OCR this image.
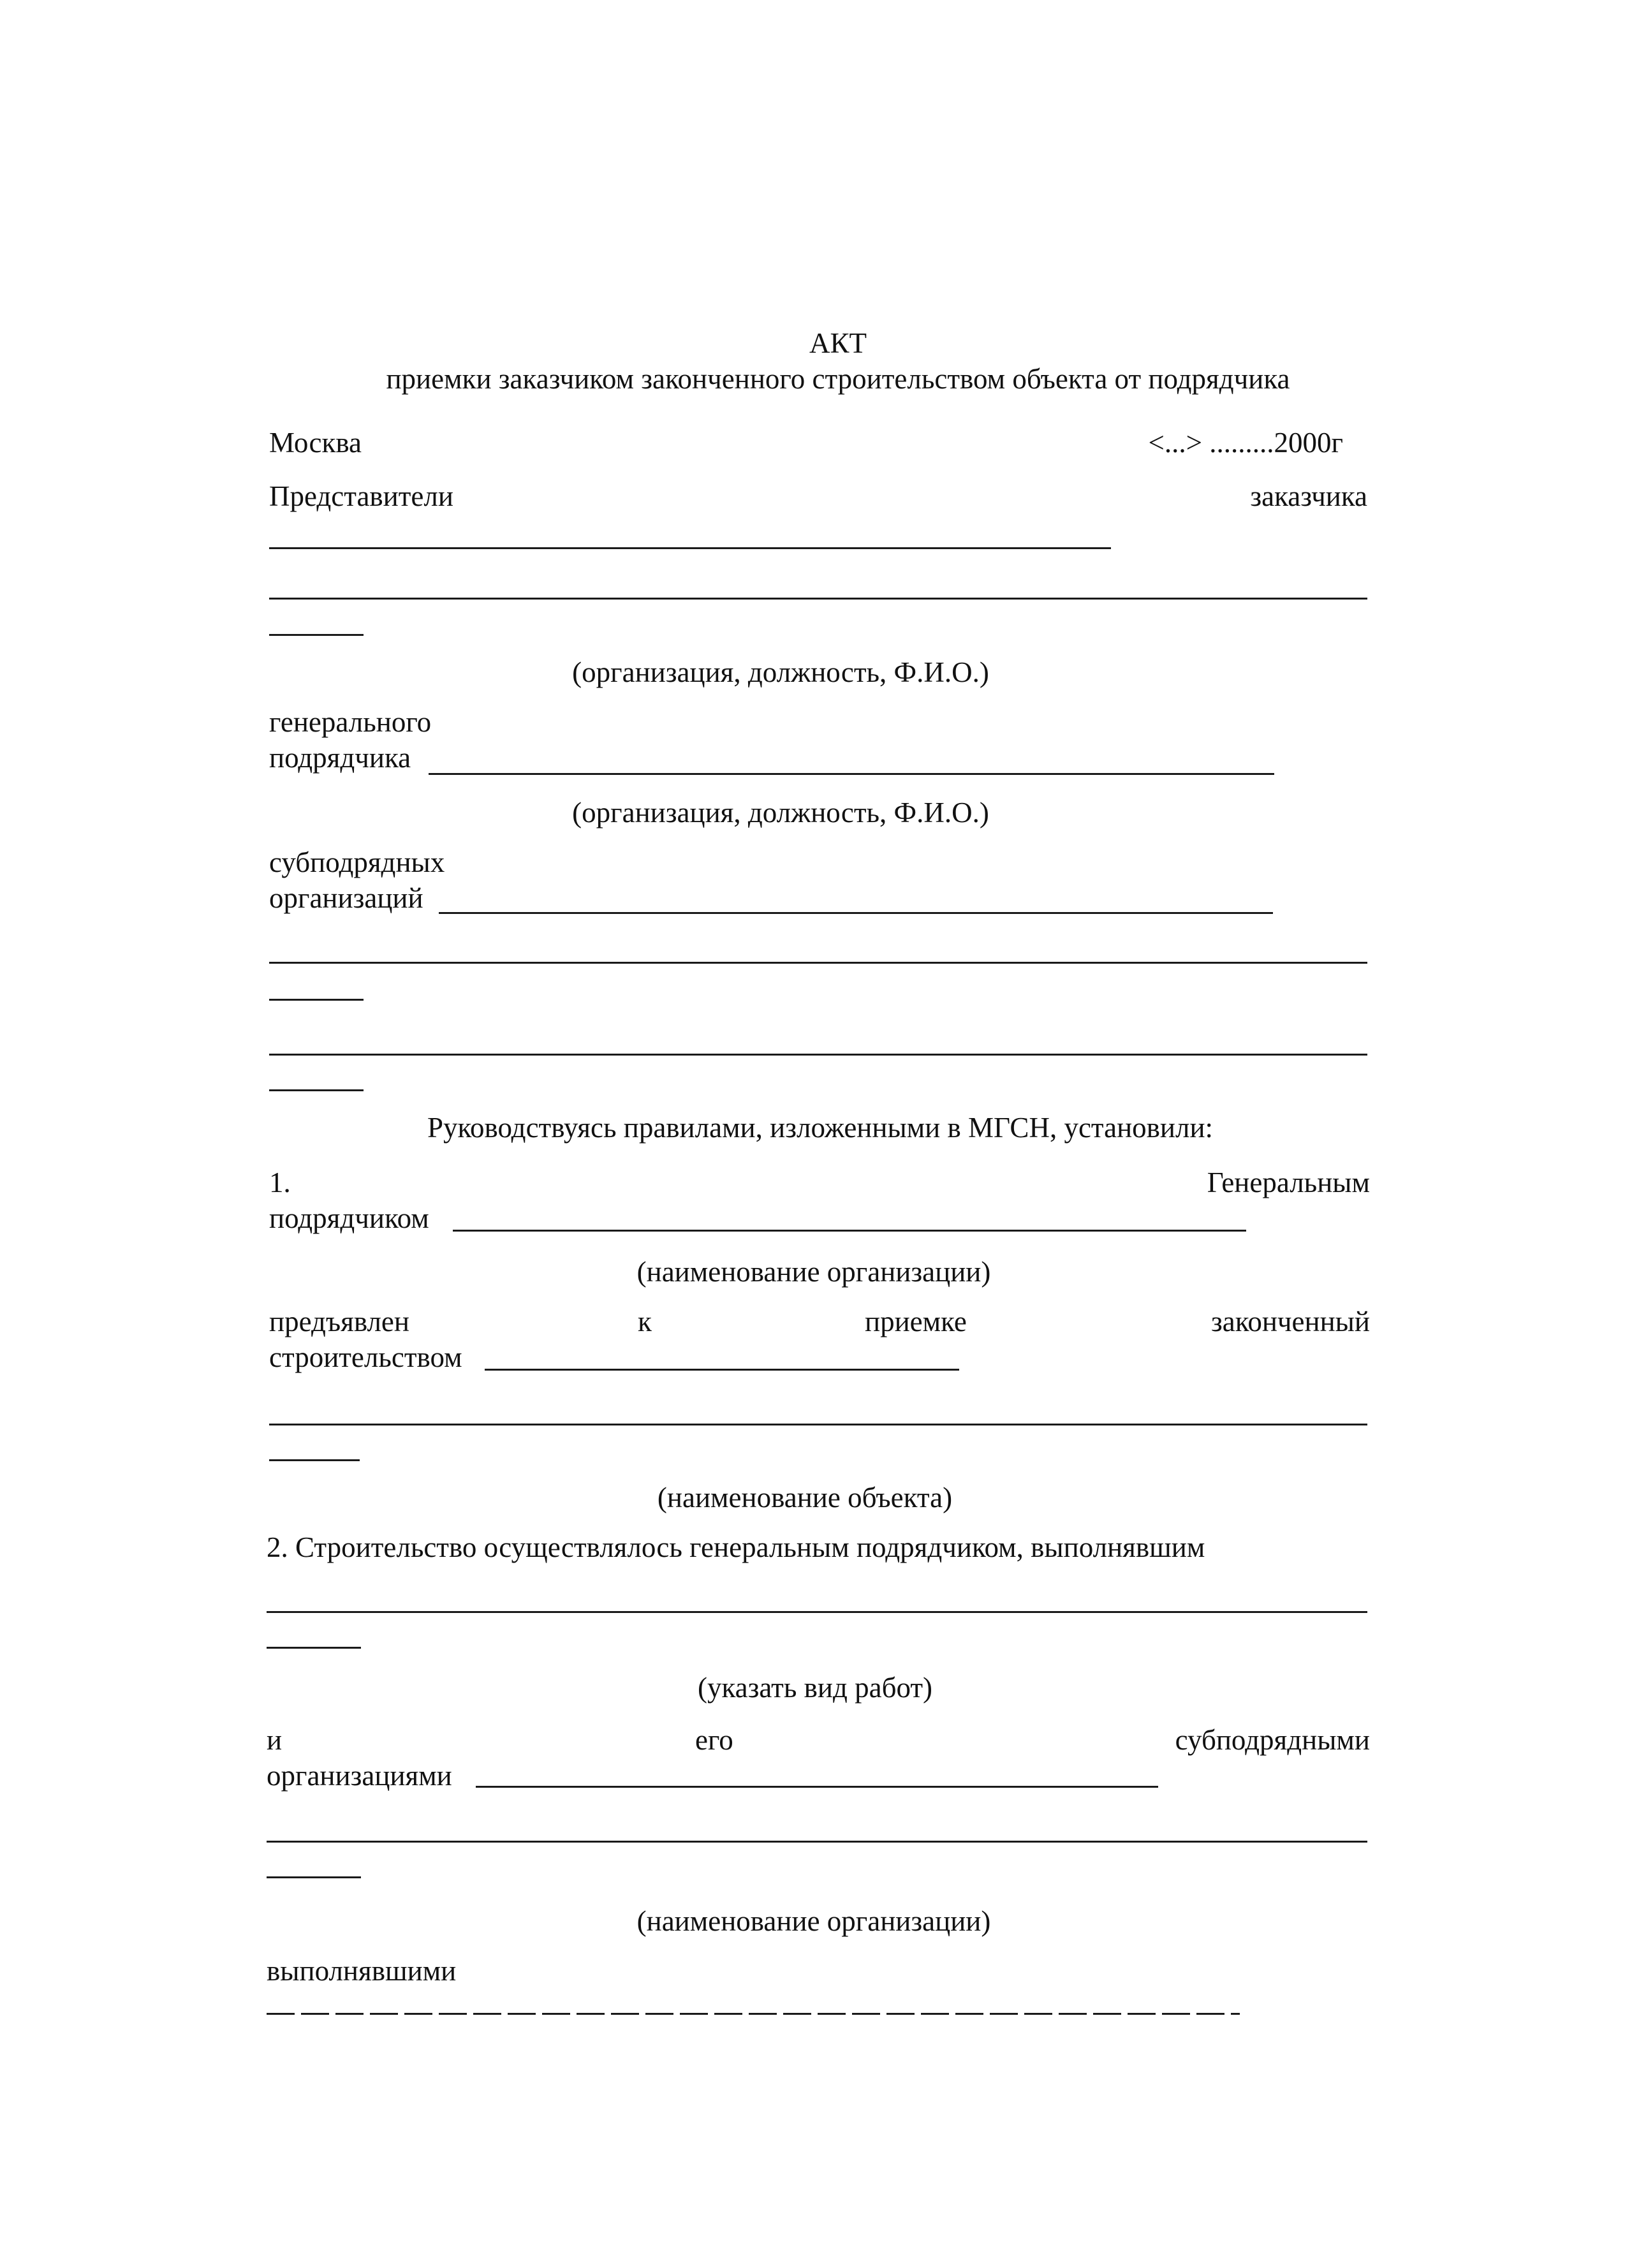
АКТ
приемки заказчиком законченного строительством объекта от подрядчика
Москва	<...> .........2000г
Представители	заказчика
(организация, должность, Ф.И.О.)
генерального
подрядчика
(организация, должность, Ф.И.О.)
субподрядных
организаций
Руководствуясь правилами, изложенными в МГСН, установили:
1.	Генеральным
подрядчиком
(наименование организации)
предъявлен	к	приемке	законченный
строительством
(наименование объекта)
2. Строительство осуществлялось генеральным подрядчиком, выполнявшим
(указать вид работ)
и	его	субподрядными
организациями
(наименование организации)
выполнявшими
